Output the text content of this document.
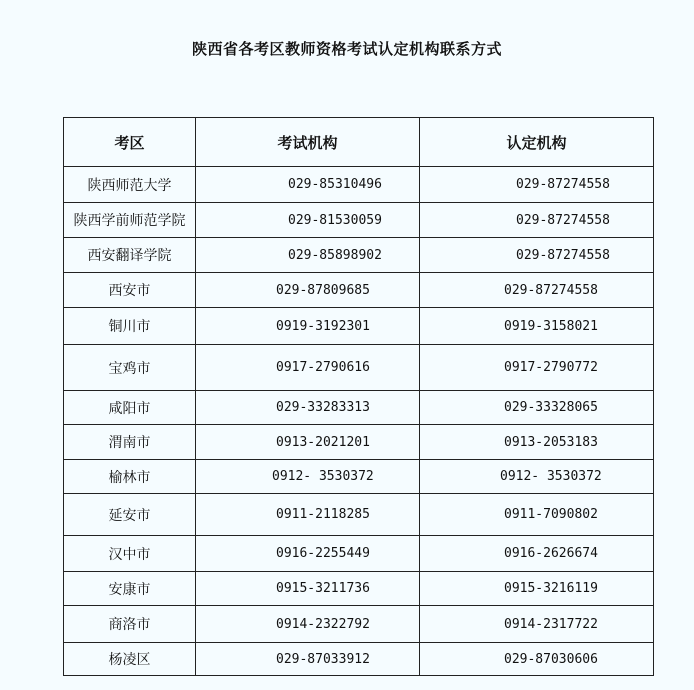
陕西省各考区教师资格考试认定机构联系方式
考区	考试机构	认定机构
陕西师范大学	029-85310496	029-87274558
陕西学前师范学院	029-81530059	029-87274558
西安翻译学院	029-85898902	029-87274558
西安市	029-87809685	029-87274558
铜川市	0919-3192301	0919-3158021
宝鸡市	0917-2790616	0917-2790772
咸阳市	029-33283313	029-33328065
渭南市	0913-2021201	0913-2053183
榆林市	0912- 3530372	0912- 3530372
延安市	0911-2118285	0911-7090802
汉中市	0916-2255449	0916-2626674
安康市	0915-3211736	0915-3216119
商洛市	0914-2322792	0914-2317722
杨凌区	029-87033912	029-87030606
